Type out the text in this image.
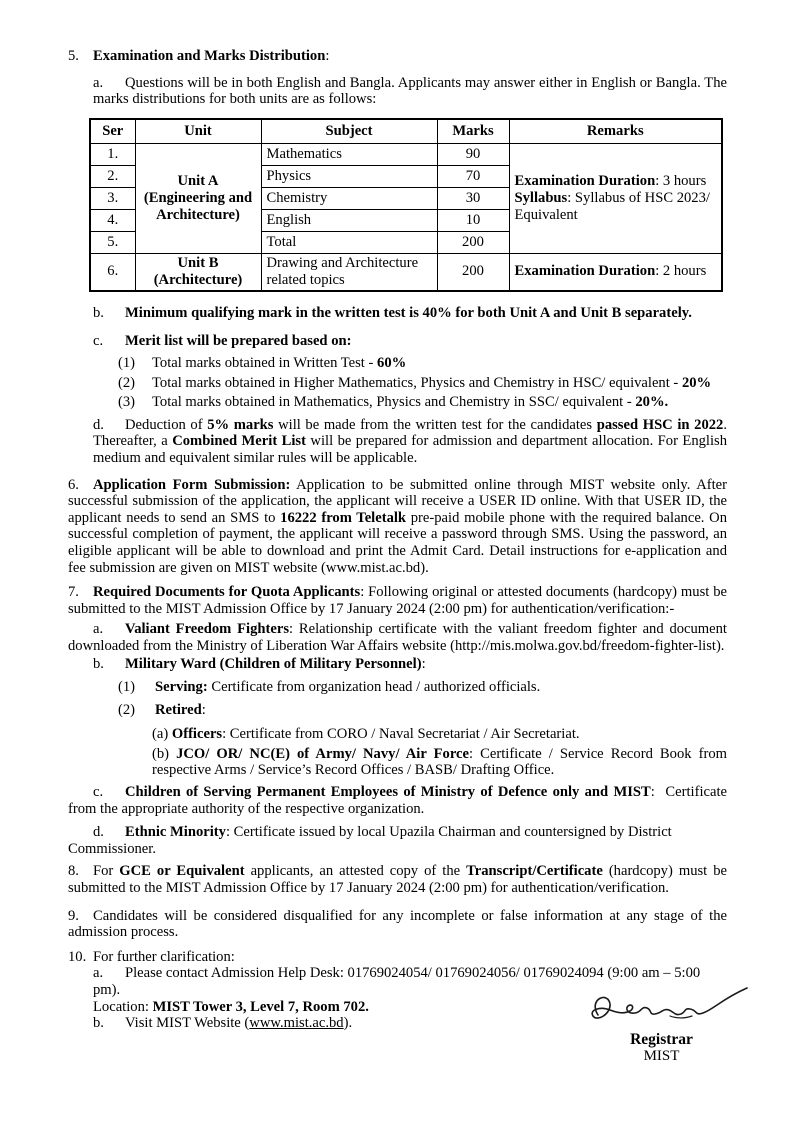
5. Examination and Marks Distribution:

a. Questions will be in both English and Bangla. Applicants may answer either in English or Bangla. The marks distributions for both units are as follows:

Ser	Unit	Subject	Marks	Remarks
1.	Unit A (Engineering and Architecture)	Mathematics	90	Examination Duration: 3 hours
Syllabus: Syllabus of HSC 2023/ Equivalent

2.		Physics	70	
3.		Chemistry	30	
4.		English	10	
5.		Total	200	
6.	Unit B (Architecture)	Drawing and Architecture related topics	200	Examination Duration: 2 hours

b. Minimum qualifying mark in the written test is 40% for both Unit A and Unit B separately.

c. Merit list will be prepared based on:

(1) Total marks obtained in Written Test - 60%

(2) Total marks obtained in Higher Mathematics, Physics and Chemistry in HSC/ equivalent - 20%

(3) Total marks obtained in Mathematics, Physics and Chemistry in SSC/ equivalent - 20%.

d. Deduction of 5% marks will be made from the written test for the candidates passed HSC in 2022. Thereafter, a Combined Merit List will be prepared for admission and department allocation. For English medium and equivalent similar rules will be applicable.

6. Application Form Submission: Application to be submitted online through MIST website only. After successful submission of the application, the applicant will receive a USER ID online. With that USER ID, the applicant needs to send an SMS to 16222 from Teletalk pre-paid mobile phone with the required balance. On successful completion of payment, the applicant will receive a password through SMS. Using the password, an eligible applicant will be able to download and print the Admit Card. Detail instructions for e-application and fee submission are given on MIST website (www.mist.ac.bd).

7. Required Documents for Quota Applicants: Following original or attested documents (hardcopy) must be submitted to the MIST Admission Office by 17 January 2024 (2:00 pm) for authentication/verification:-

a. Valiant Freedom Fighters: Relationship certificate with the valiant freedom fighter and document downloaded from the Ministry of Liberation War Affairs website (http://mis.molwa.gov.bd/freedom-fighter-list).

b. Military Ward (Children of Military Personnel):

(1) Serving: Certificate from organization head / authorized officials.

(2) Retired:

(a) Officers: Certificate from CORO / Naval Secretariat / Air Secretariat.

(b) JCO/ OR/ NC(E) of Army/ Navy/ Air Force: Certificate / Service Record Book from respective Arms / Service’s Record Offices / BASB/ Drafting Office.

c. Children of Serving Permanent Employees of Ministry of Defence only and MIST:  Certificate from the appropriate authority of the respective organization.

d. Ethnic Minority: Certificate issued by local Upazila Chairman and countersigned by District Commissioner.

8. For GCE or Equivalent applicants, an attested copy of the Transcript/Certificate (hardcopy) must be submitted to the MIST Admission Office by 17 January 2024 (2:00 pm) for authentication/verification.

9. Candidates will be considered disqualified for any incomplete or false information at any stage of the admission process.

10. For further clarification:

a. Please contact Admission Help Desk: 01769024054/ 01769024056/ 01769024094 (9:00 am – 5:00 pm).
Location: MIST Tower 3, Level 7, Room 702.

b. Visit MIST Website (www.mist.ac.bd).

Registrar
MIST
